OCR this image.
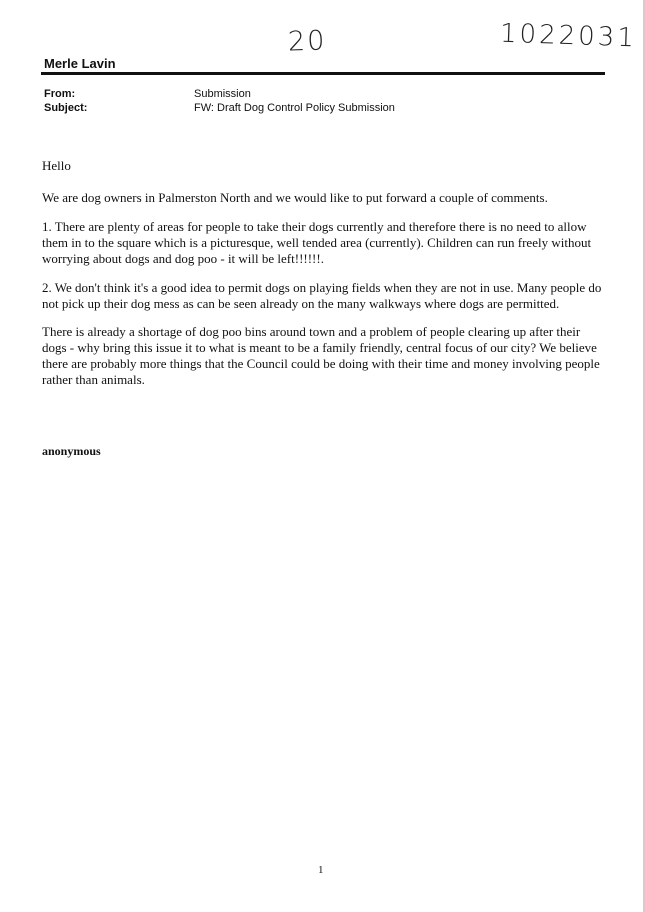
20	1022031
Merle Lavin
From:	Submission
Subject:	FW: Draft Dog Control Policy Submission

Hello

We are dog owners in Palmerston North and we would like to put forward a couple of comments.

1. There are plenty of areas for people to take their dogs currently and therefore there is no need to allow them in to the square which is a picturesque, well tended area (currently). Children can run freely without worrying about dogs and dog poo - it will be left!!!!!!.

2. We don't think it's a good idea to permit dogs on playing fields when they are not in use. Many people do not pick up their dog mess as can be seen already on the many walkways where dogs are permitted.

There is already a shortage of dog poo bins around town and a problem of people clearing up after their dogs - why bring this issue it to what is meant to be a family friendly, central focus of our city? We believe there are probably more things that the Council could be doing with their time and money involving people rather than animals.

anonymous
1
